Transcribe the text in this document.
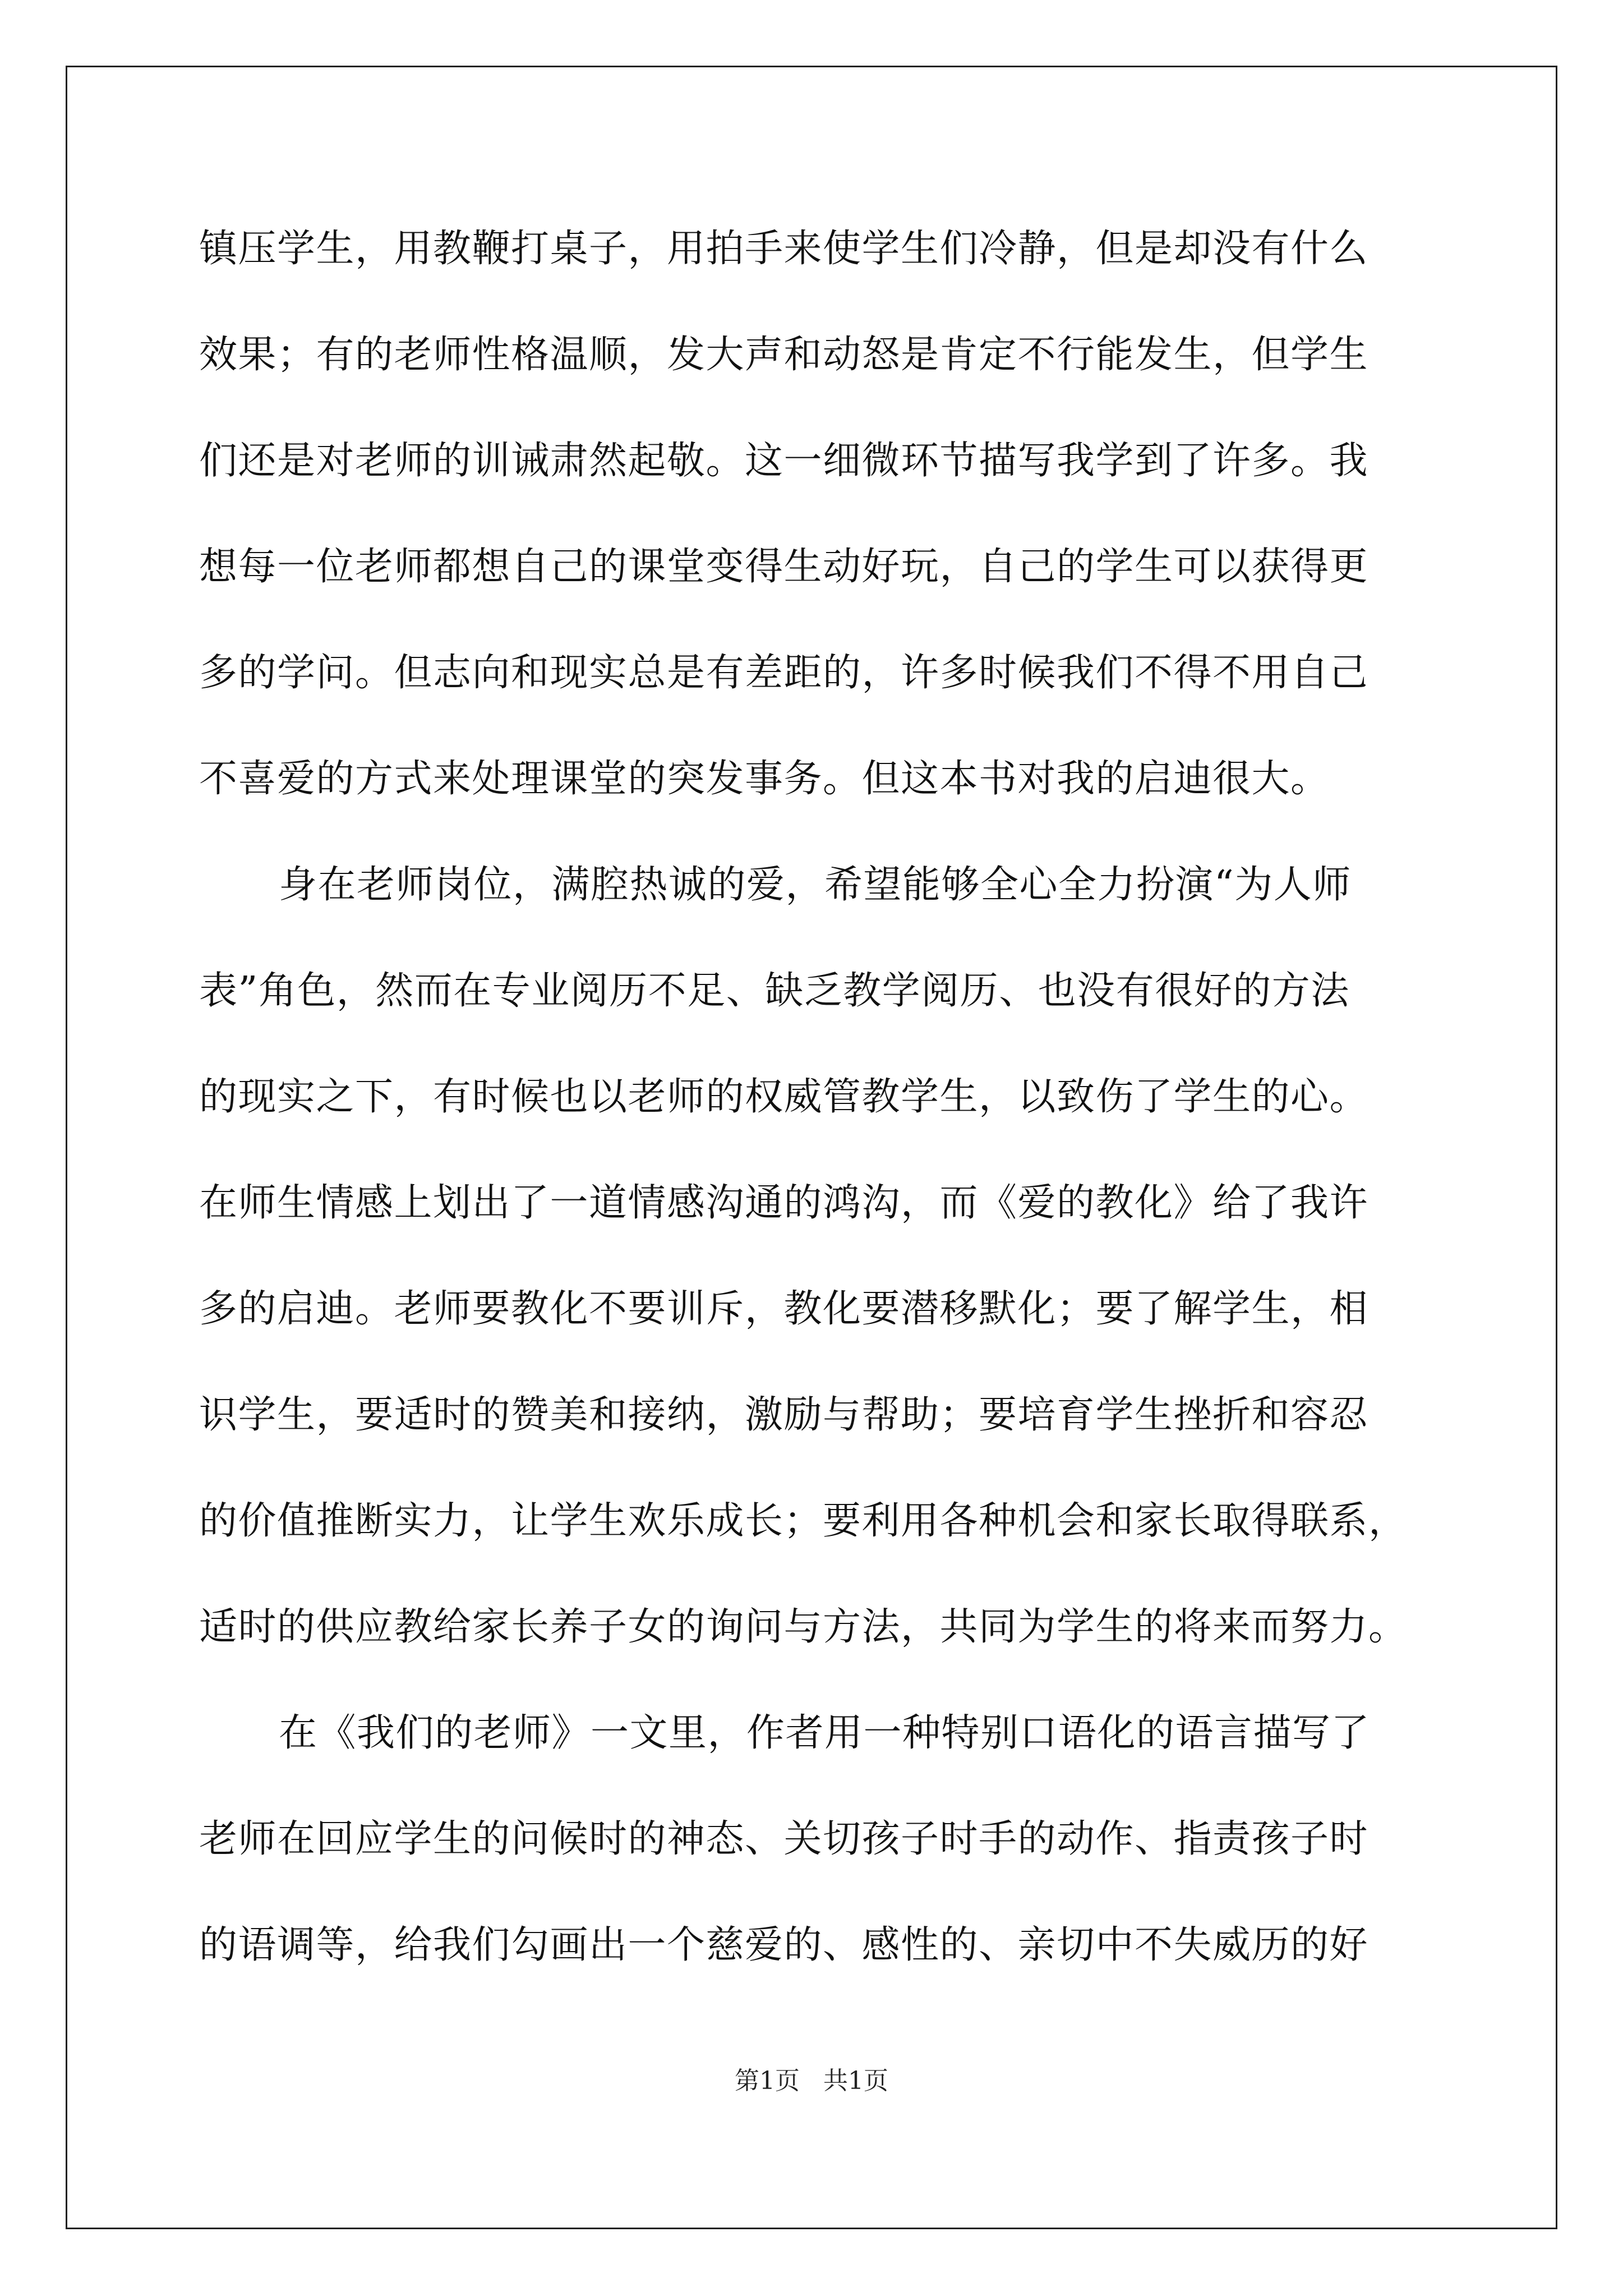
镇压学生，用教鞭打桌子，用拍手来使学生们冷静，但是却没有什么
效果；有的老师性格温顺，发大声和动怒是肯定不行能发生，但学生
们还是对老师的训诫肃然起敬。这一细微环节描写我学到了许多。我
想每一位老师都想自己的课堂变得生动好玩，自己的学生可以获得更
多的学问。但志向和现实总是有差距的，许多时候我们不得不用自己
不喜爱的方式来处理课堂的突发事务。但这本书对我的启迪很大。
身在老师岗位，满腔热诚的爱，希望能够全心全力扮演“为人师
表”角色，然而在专业阅历不足、缺乏教学阅历、也没有很好的方法
的现实之下，有时候也以老师的权威管教学生，以致伤了学生的心。
在师生情感上划出了一道情感沟通的鸿沟，而《爱的教化》给了我许
多的启迪。老师要教化不要训斥，教化要潜移默化；要了解学生，相
识学生，要适时的赞美和接纳，激励与帮助；要培育学生挫折和容忍
的价值推断实力，让学生欢乐成长；要利用各种机会和家长取得联系，
适时的供应教给家长养子女的询问与方法，共同为学生的将来而努力。
在《我们的老师》一文里，作者用一种特别口语化的语言描写了
老师在回应学生的问候时的神态、关切孩子时手的动作、指责孩子时
的语调等，给我们勾画出一个慈爱的、感性的、亲切中不失威历的好
第1页 共1页
